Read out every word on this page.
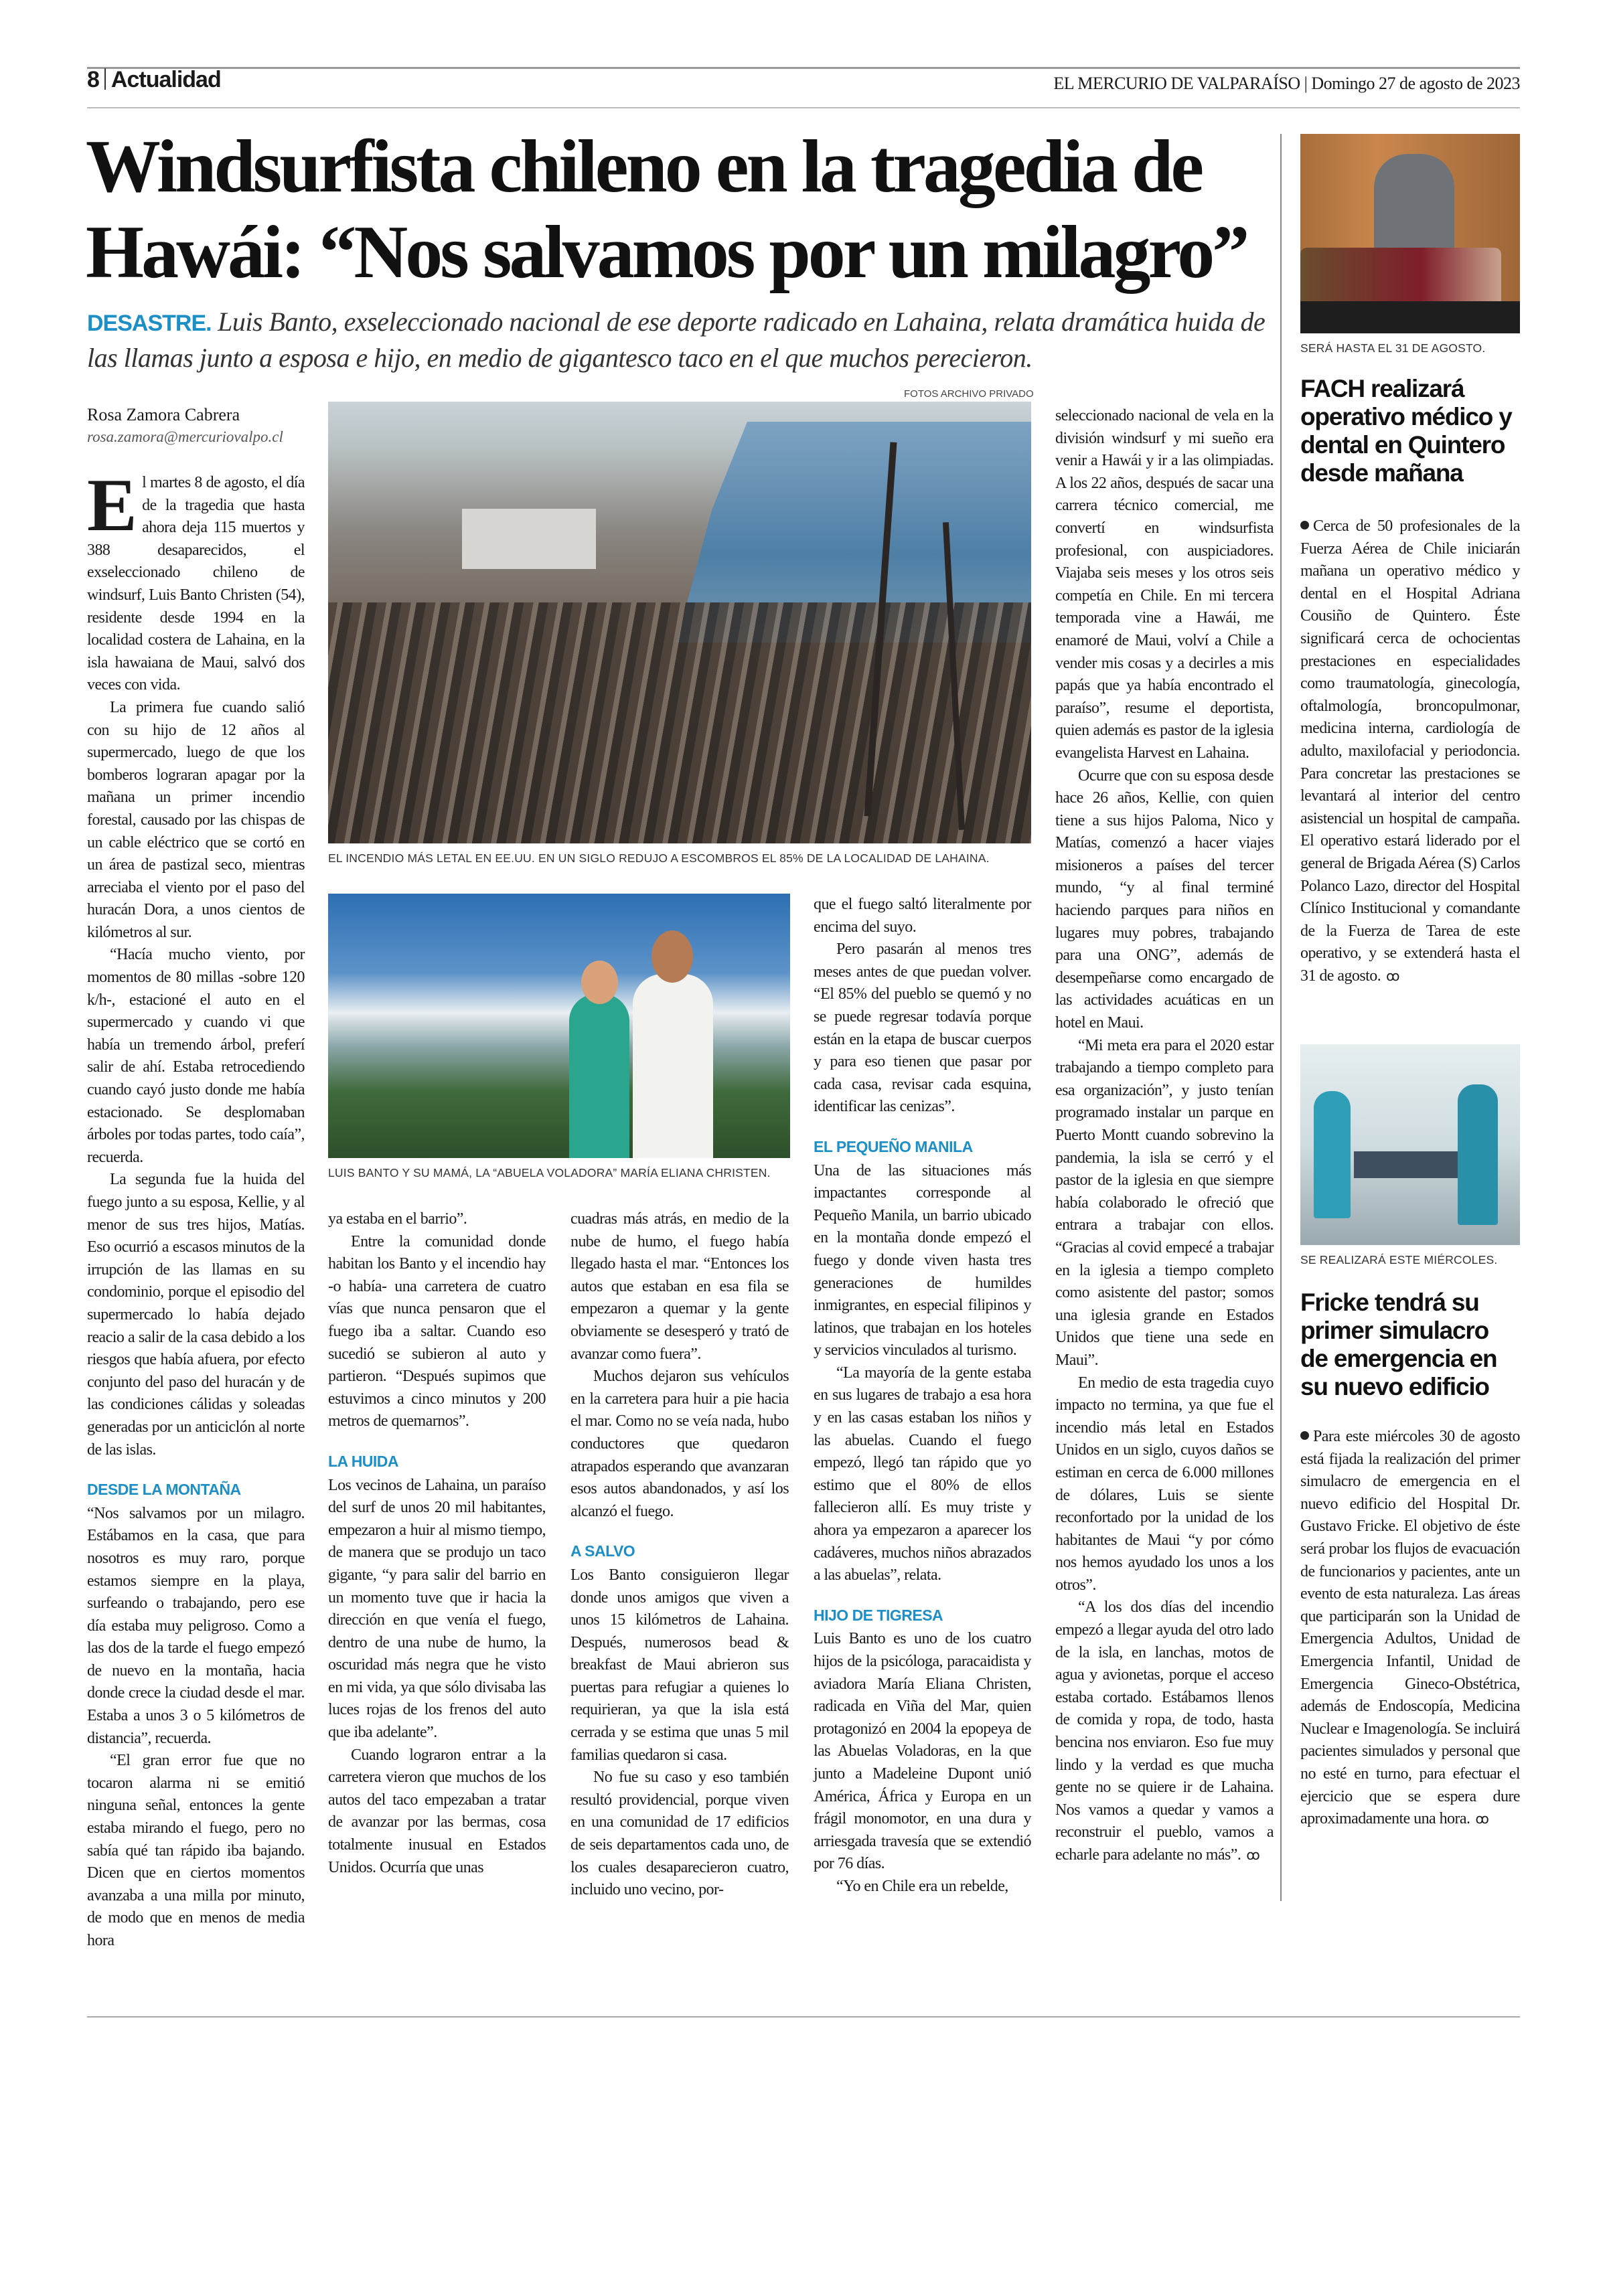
8 Actualidad	EL MERCURIO DE VALPARAÍSO | Domingo 27 de agosto de 2023
Windsurfista chileno en la tragedia de Hawái: “Nos salvamos por un milagro”
DESASTRE. Luis Banto, exseleccionado nacional de ese deporte radicado en Lahaina, relata dramática huida de las llamas junto a esposa e hijo, en medio de gigantesco taco en el que muchos perecieron.
Rosa Zamora Cabrera
rosa.zamora@mercuriovalpo.cl
FOTOS ARCHIVO PRIVADO
EL INCENDIO MÁS LETAL EN EE.UU. EN UN SIGLO REDUJO A ESCOMBROS EL 85% DE LA LOCALIDAD DE LAHAINA.
LUIS BANTO Y SU MAMÁ, LA “ABUELA VOLADORA” MARÍA ELIANA CHRISTEN.

El martes 8 de agosto, el día de la tragedia que hasta ahora deja 115 muertos y 388 desaparecidos, el exseleccionado chileno de windsurf, Luis Banto Christen (54), residente desde 1994 en la localidad costera de Lahaina, en la isla hawaiana de Maui, salvó dos veces con vida.

La primera fue cuando salió con su hijo de 12 años al supermercado, luego de que los bomberos lograran apagar por la mañana un primer incendio forestal, causado por las chispas de un cable eléctrico que se cortó en un área de pastizal seco, mientras arreciaba el viento por el paso del huracán Dora, a unos cientos de kilómetros al sur.

“Hacía mucho viento, por momentos de 80 millas -sobre 120 k/h-, estacioné el auto en el supermercado y cuando vi que había un tremendo árbol, preferí salir de ahí. Estaba retrocediendo cuando cayó justo donde me había estacionado. Se desplomaban árboles por todas partes, todo caía”, recuerda.

La segunda fue la huida del fuego junto a su esposa, Kellie, y al menor de sus tres hijos, Matías. Eso ocurrió a escasos minutos de la irrupción de las llamas en su condominio, porque el episodio del supermercado lo había dejado reacio a salir de la casa debido a los riesgos que había afuera, por efecto conjunto del paso del huracán y de las condiciones cálidas y soleadas generadas por un anticiclón al norte de las islas.

DESDE LA MONTAÑA

“Nos salvamos por un milagro. Estábamos en la casa, que para nosotros es muy raro, porque estamos siempre en la playa, surfeando o trabajando, pero ese día estaba muy peligroso. Como a las dos de la tarde el fuego empezó de nuevo en la montaña, hacia donde crece la ciudad desde el mar. Estaba a unos 3 o 5 kilómetros de distancia”, recuerda.

“El gran error fue que no tocaron alarma ni se emitió ninguna señal, entonces la gente estaba mirando el fuego, pero no sabía qué tan rápido iba bajando. Dicen que en ciertos momentos avanzaba a una milla por minuto, de modo que en menos de media hora

ya estaba en el barrio”.

Entre la comunidad donde habitan los Banto y el incendio hay -o había- una carretera de cuatro vías que nunca pensaron que el fuego iba a saltar. Cuando eso sucedió se subieron al auto y partieron. “Después supimos que estuvimos a cinco minutos y 200 metros de quemarnos”.

LA HUIDA

Los vecinos de Lahaina, un paraíso del surf de unos 20 mil habitantes, empezaron a huir al mismo tiempo, de manera que se produjo un taco gigante, “y para salir del barrio en un momento tuve que ir hacia la dirección en que venía el fuego, dentro de una nube de humo, la oscuridad más negra que he visto en mi vida, ya que sólo divisaba las luces rojas de los frenos del auto que iba adelante”.

Cuando lograron entrar a la carretera vieron que muchos de los autos del taco empezaban a tratar de avanzar por las bermas, cosa totalmente inusual en Estados Unidos. Ocurría que unas

cuadras más atrás, en medio de la nube de humo, el fuego había llegado hasta el mar. “Entonces los autos que estaban en esa fila se empezaron a quemar y la gente obviamente se desesperó y trató de avanzar como fuera”.

Muchos dejaron sus vehículos en la carretera para huir a pie hacia el mar. Como no se veía nada, hubo conductores que quedaron atrapados esperando que avanzaran esos autos abandonados, y así los alcanzó el fuego.

A SALVO

Los Banto consiguieron llegar donde unos amigos que viven a unos 15 kilómetros de Lahaina. Después, numerosos bead & breakfast de Maui abrieron sus puertas para refugiar a quienes lo requirieran, ya que la isla está cerrada y se estima que unas 5 mil familias quedaron si casa.

No fue su caso y eso también resultó providencial, porque viven en una comunidad de 17 edificios de seis departamentos cada uno, de los cuales desaparecieron cuatro, incluido uno vecino, por-

que el fuego saltó literalmente por encima del suyo.

Pero pasarán al menos tres meses antes de que puedan volver. “El 85% del pueblo se quemó y no se puede regresar todavía porque están en la etapa de buscar cuerpos y para eso tienen que pasar por cada casa, revisar cada esquina, identificar las cenizas”.

EL PEQUEÑO MANILA

Una de las situaciones más impactantes corresponde al Pequeño Manila, un barrio ubicado en la montaña donde empezó el fuego y donde viven hasta tres generaciones de humildes inmigrantes, en especial filipinos y latinos, que trabajan en los hoteles y servicios vinculados al turismo.

“La mayoría de la gente estaba en sus lugares de trabajo a esa hora y en las casas estaban los niños y las abuelas. Cuando el fuego empezó, llegó tan rápido que yo estimo que el 80% de ellos fallecieron allí. Es muy triste y ahora ya empezaron a aparecer los cadáveres, muchos niños abrazados a las abuelas”, relata.

HIJO DE TIGRESA

Luis Banto es uno de los cuatro hijos de la psicóloga, paracaidista y aviadora María Eliana Christen, radicada en Viña del Mar, quien protagonizó en 2004 la epopeya de las Abuelas Voladoras, en la que junto a Madeleine Dupont unió América, África y Europa en un frágil monomotor, en una dura y arriesgada travesía que se extendió por 76 días.

“Yo en Chile era un rebelde,

seleccionado nacional de vela en la división windsurf y mi sueño era venir a Hawái y ir a las olimpiadas. A los 22 años, después de sacar una carrera técnico comercial, me convertí en windsurfista profesional, con auspiciadores. Viajaba seis meses y los otros seis competía en Chile. En mi tercera temporada vine a Hawái, me enamoré de Maui, volví a Chile a vender mis cosas y a decirles a mis papás que ya había encontrado el paraíso”, resume el deportista, quien además es pastor de la iglesia evangelista Harvest en Lahaina.

Ocurre que con su esposa desde hace 26 años, Kellie, con quien tiene a sus hijos Paloma, Nico y Matías, comenzó a hacer viajes misioneros a países del tercer mundo, “y al final terminé haciendo parques para niños en lugares muy pobres, trabajando para una ONG”, además de desempeñarse como encargado de las actividades acuáticas en un hotel en Maui.

“Mi meta era para el 2020 estar trabajando a tiempo completo para esa organización”, y justo tenían programado instalar un parque en Puerto Montt cuando sobrevino la pandemia, la isla se cerró y el pastor de la iglesia en que siempre había colaborado le ofreció que entrara a trabajar con ellos. “Gracias al covid empecé a trabajar en la iglesia a tiempo completo como asistente del pastor; somos una iglesia grande en Estados Unidos que tiene una sede en Maui”.

En medio de esta tragedia cuyo impacto no termina, ya que fue el incendio más letal en Estados Unidos en un siglo, cuyos daños se estiman en cerca de 6.000 millones de dólares, Luis se siente reconfortado por la unidad de los habitantes de Maui “y por cómo nos hemos ayudado los unos a los otros”.

“A los dos días del incendio empezó a llegar ayuda del otro lado de la isla, en lanchas, motos de agua y avionetas, porque el acceso estaba cortado. Estábamos llenos de comida y ropa, de todo, hasta bencina nos enviaron. Eso fue muy lindo y la verdad es que mucha gente no se quiere ir de Lahaina. Nos vamos a quedar y vamos a reconstruir el pueblo, vamos a echarle para adelante no más”. ꝏ

SERÁ HASTA EL 31 DE AGOSTO.
FACH realizará operativo médico y dental en Quintero desde mañana

Cerca de 50 profesionales de la Fuerza Aérea de Chile iniciarán mañana un operativo médico y dental en el Hospital Adriana Cousiño de Quintero. Éste significará cerca de ochocientas prestaciones en especialidades como traumatología, ginecología, oftalmología, broncopulmonar, medicina interna, cardiología de adulto, maxilofacial y periodoncia. Para concretar las prestaciones se levantará al interior del centro asistencial un hospital de campaña. El operativo estará liderado por el general de Brigada Aérea (S) Carlos Polanco Lazo, director del Hospital Clínico Institucional y comandante de la Fuerza de Tarea de este operativo, y se extenderá hasta el 31 de agosto. ꝏ

SE REALIZARÁ ESTE MIÉRCOLES.
Fricke tendrá su primer simulacro de emergencia en su nuevo edificio

Para este miércoles 30 de agosto está fijada la realización del primer simulacro de emergencia en el nuevo edificio del Hospital Dr. Gustavo Fricke. El objetivo de éste será probar los flujos de evacuación de funcionarios y pacientes, ante un evento de esta naturaleza. Las áreas que participarán son la Unidad de Emergencia Adultos, Unidad de Emergencia Infantil, Unidad de Emergencia Gineco-Obstétrica, además de Endoscopía, Medicina Nuclear e Imagenología. Se incluirá pacientes simulados y personal que no esté en turno, para efectuar el ejercicio que se espera dure aproximadamente una hora. ꝏ
